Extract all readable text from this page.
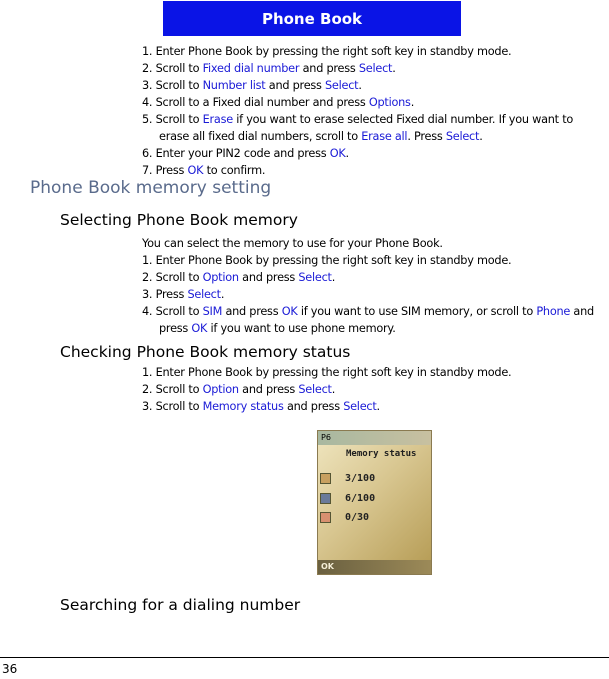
Phone Book
1. Enter Phone Book by pressing the right soft key in standby mode.
2. Scroll to Fixed dial number and press Select.
3. Scroll to Number list and press Select.
4. Scroll to a Fixed dial number and press Options.
5. Scroll to Erase if you want to erase selected Fixed dial number. If you want to erase all fixed dial numbers, scroll to Erase all. Press Select.
6. Enter your PIN2 code and press OK.
7. Press OK to confirm.
Phone Book memory setting
Selecting Phone Book memory
You can select the memory to use for your Phone Book.
1. Enter Phone Book by pressing the right soft key in standby mode.
2. Scroll to Option and press Select.
3. Press Select.
4. Scroll to SIM and press OK if you want to use SIM memory, or scroll to Phone and press OK if you want to use phone memory.
Checking Phone Book memory status
1. Enter Phone Book by pressing the right soft key in standby mode.
2. Scroll to Option and press Select.
3. Scroll to Memory status and press Select.
P6
Memory status
3/100
6/100
0/30
OK
Searching for a dialing number
36
